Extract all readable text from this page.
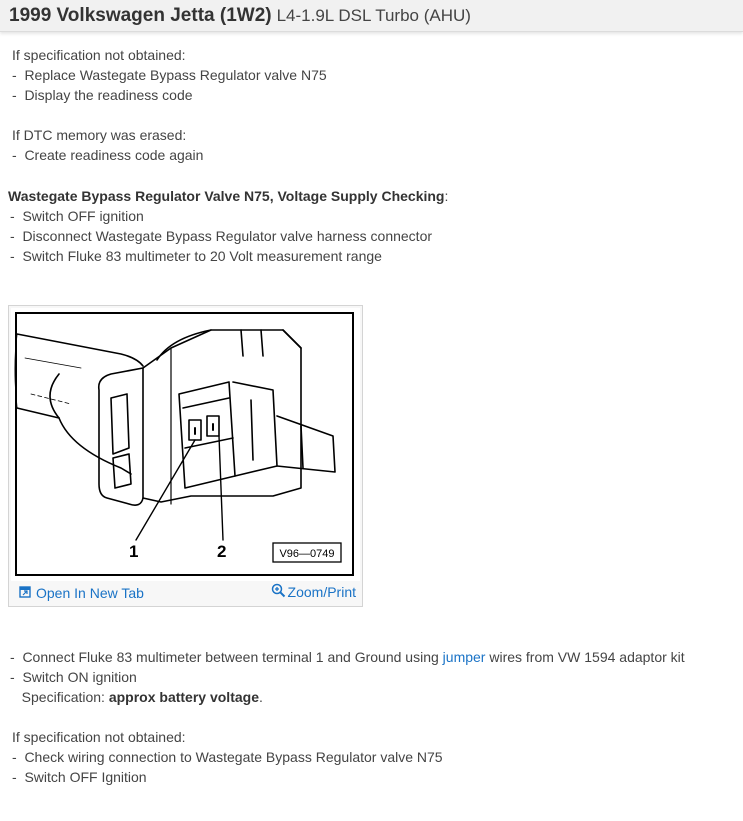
1999 Volkswagen Jetta (1W2) L4-1.9L DSL Turbo (AHU)
If specification not obtained:
-  Replace Wastegate Bypass Regulator valve N75
-  Display the readiness code
If DTC memory was erased:
-  Create readiness code again
Wastegate Bypass Regulator Valve N75, Voltage Supply Checking:
-  Switch OFF ignition
-  Disconnect Wastegate Bypass Regulator valve harness connector
-  Switch Fluke 83 multimeter to 20 Volt measurement range
1	2	V96—0749
Open In New Tab	Zoom/Print
-  Connect Fluke 83 multimeter between terminal 1 and Ground using jumper wires from VW 1594 adaptor kit
-  Switch ON ignition
Specification: approx battery voltage.
If specification not obtained:
-  Check wiring connection to Wastegate Bypass Regulator valve N75
-  Switch OFF Ignition
